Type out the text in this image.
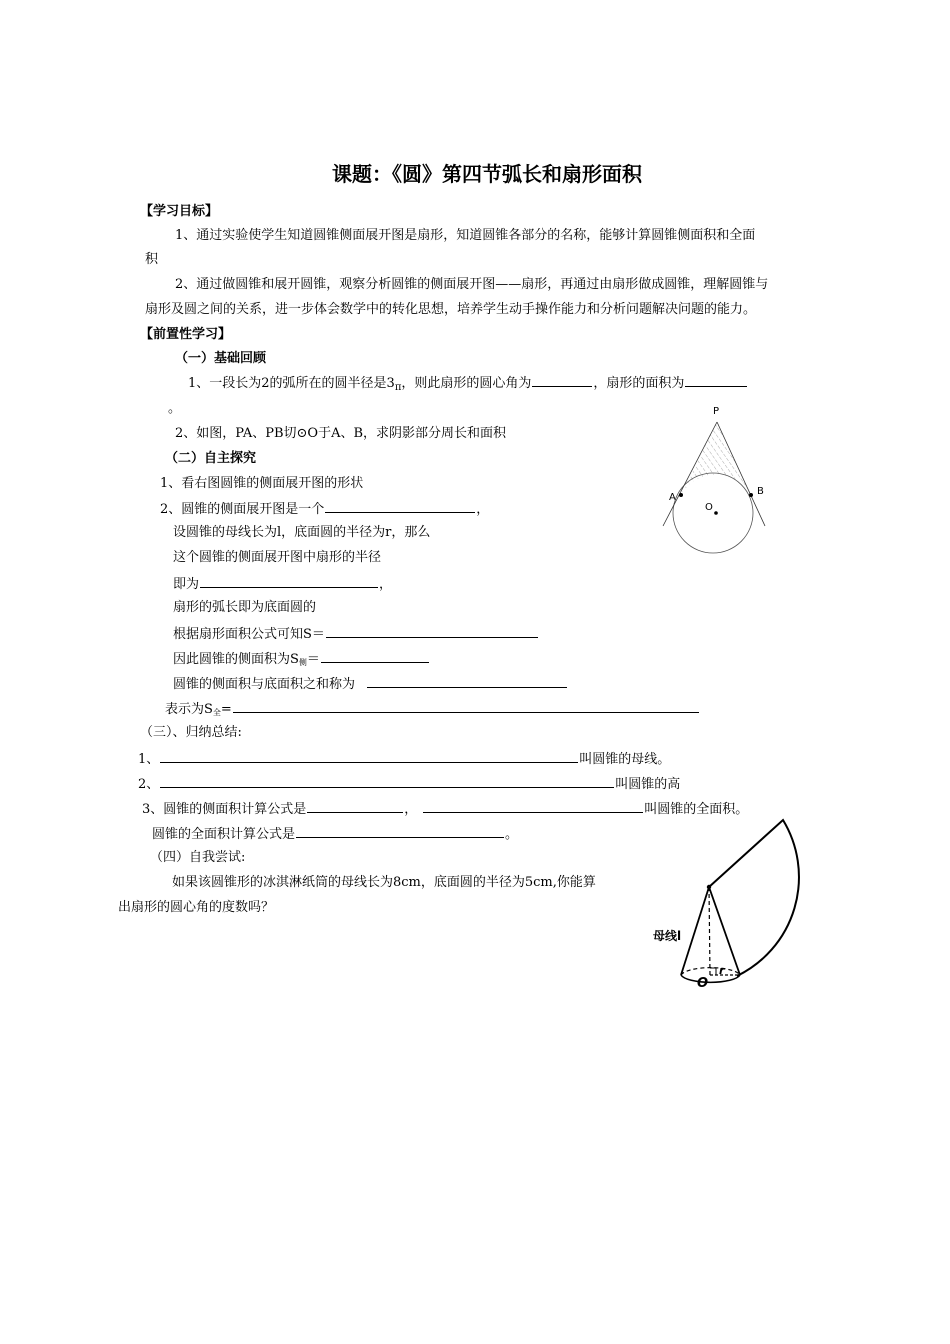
课题：《圆》第四节弧长和扇形面积
【学习目标】
1、通过实验使学生知道圆锥侧面展开图是扇形，知道圆锥各部分的名称，能够计算圆锥侧面积和全面
积
2、通过做圆锥和展开圆锥，观察分析圆锥的侧面展开图——扇形，再通过由扇形做成圆锥，理解圆锥与
扇形及圆之间的关系，进一步体会数学中的转化思想，培养学生动手操作能力和分析问题解决问题的能力。
【前置性学习】
（一）基础回顾
1、一段长为2的弧所在的圆半径是$3_\pi$，则此扇形的圆心角为	，扇形的面积为
。
2、如图，PA、PB切⊙O于A、B，求阴影部分周长和面积
（二）自主探究
1、看右图圆锥的侧面展开图的形状
2、圆锥的侧面展开图是一个	，
设圆锥的母线长为l，底面圆的半径为r，那么
这个圆锥的侧面展开图中扇形的半径
即为	，
扇形的弧长即为底面圆的
根据扇形面积公式可知S＝
因此圆锥的侧面积为$S_侧=$
圆锥的侧面积与底面积之和称为
表示为$S_全=$
（三）、归纳总结:
1、	叫圆锥的母线。
2、	叫圆锥的高
3、圆锥的侧面积计算公式是	，	叫圆锥的全面积。
圆锥的全面积计算公式是	。
（四）自我尝试:
如果该圆锥形的冰淇淋纸筒的母线长为8cm，底面圆的半径为5cm,你能算
出扇形的圆心角的度数吗？
P
A
B
O
母线l
O
r
